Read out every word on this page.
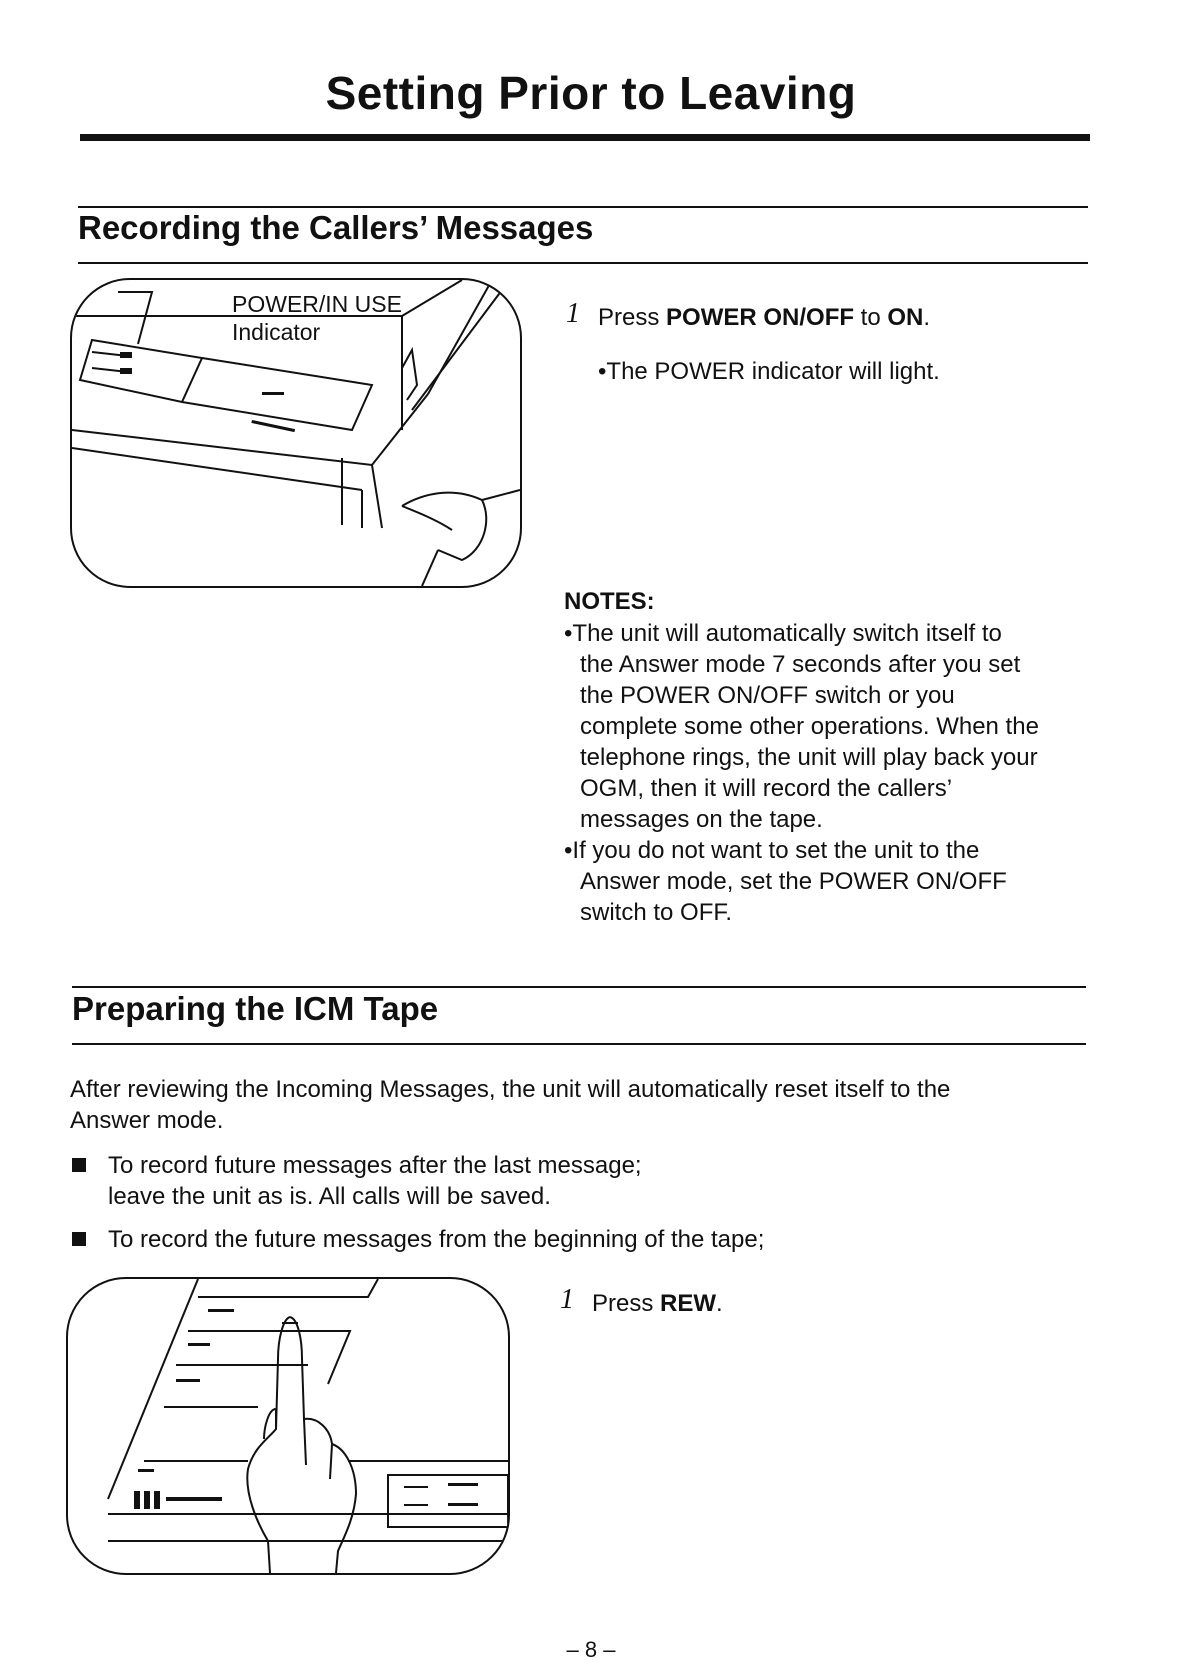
Setting Prior to Leaving
Recording the Callers’ Messages
POWER/IN USE
Indicator
1 Press POWER ON/OFF to ON.
•The POWER indicator will light.
NOTES:
•The unit will automatically switch itself to
the Answer mode 7 seconds after you set
the POWER ON/OFF switch or you
complete some other operations. When the
telephone rings, the unit will play back your
OGM, then it will record the callers’
messages on the tape.
•If you do not want to set the unit to the
Answer mode, set the POWER ON/OFF
switch to OFF.
Preparing the ICM Tape
After reviewing the Incoming Messages, the unit will automatically reset itself to the
Answer mode.
To record future messages after the last message;
leave the unit as is. All calls will be saved.
To record the future messages from the beginning of the tape;
1 Press REW.
– 8 –
